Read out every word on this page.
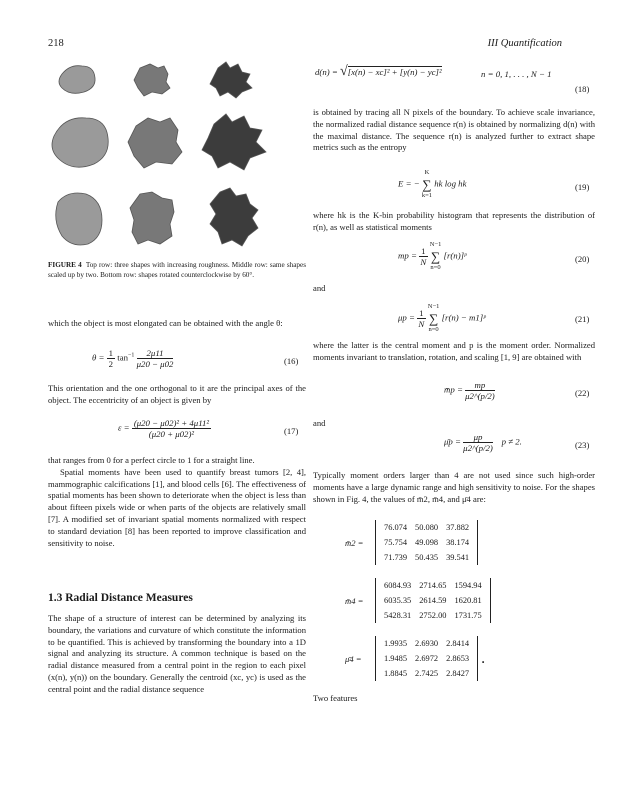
218	III Quantification
FIGURE 4 Top row: three shapes with increasing roughness. Middle row: same shapes scaled up by two. Bottom row: shapes rotated counterclockwise by 60°.
which the object is most elongated can be obtained with the angle θ:
$\theta = \frac{1}{2} \tan^{-1} \frac{2\mu 11}{\mu 20 - \mu 02}$	(16)
This orientation and the one orthogonal to it are the principal axes of the object. The eccentricity of an object is given by
$\varepsilon = \frac{\text{(μ20 − μ02)² + 4μ11²}}{\text{(μ20 + μ02)²}}$	(17)

that ranges from 0 for a perfect circle to 1 for a straight line.

Spatial moments have been used to quantify breast tumors [2, 4], mammographic calcifications [1], and blood cells [6]. The effectiveness of spatial moments has been shown to deteriorate when the object is less than about fifteen pixels wide or when parts of the objects are relatively small [7]. A modified set of invariant spatial moments normalized with respect to standard deviation [8] has been reported to improve classification and sensitivity to noise.

1.3 Radial Distance Measures
The shape of a structure of interest can be determined by analyzing its boundary, the variations and curvature of which constitute the information to be quantified. This is achieved by transforming the boundary into a 1D signal and analyzing its structure. A common technique is based on the radial distance measured from a central point in the region to each pixel (x(n), y(n)) on the boundary. Generally the centroid (xc, yc) is used as the central point and the radial distance sequence
d(n) = √[x(n) − xc]² + [y(n) − yc]²	n = 0, 1, . . . , N − 1
(18)
is obtained by tracing all N pixels of the boundary. To achieve scale invariance, the normalized radial distance sequence r(n) is obtained by normalizing d(n) with the maximal distance. The sequence r(n) is analyzed further to extract shape metrics such as the entropy
E = −
K
∑
k=1
hk log hk	(19)
where hk is the K-bin probability histogram that represents the distribution of r(n), as well as statistical moments
mp = $\frac{1}{N}$

N−1
∑
n=0
[r(n)]ᵖ	(20)
and
$\mu p = \frac{1}{N}$

N−1
∑
n=0
[r(n) − m1]ᵖ	(21)
where the latter is the central moment and p is the moment order. Normalized moments invariant to translation, rotation, and scaling [1, 9] are obtained with
m̄p = $\frac{mp}{\mu 2\^{}(p/2)}$	(22)
and
μ̄p = $\frac{\mu p}{\mu 2\^{}(p/2)}$ p ≠ 2.	(23)
Typically moment orders larger than 4 are not used since such high-order moments have a large dynamic range and high sensitivity to noise. For the shapes shown in Fig. 4, the values of m̄2, m̄4, and μ̄4 are:
m̄2 =
76.074	50.080	37.882
75.754	49.098	38.174
71.739	50.435	39.541
m̄4 =
6084.93	2714.65	1594.94
6035.35	2614.59	1620.81
5428.31	2752.00	1731.75
μ̄4 =
1.9935	2.6930	2.8414
1.9485	2.6972	2.8653
1.8845	2.7425	2.8427
.
Two features
